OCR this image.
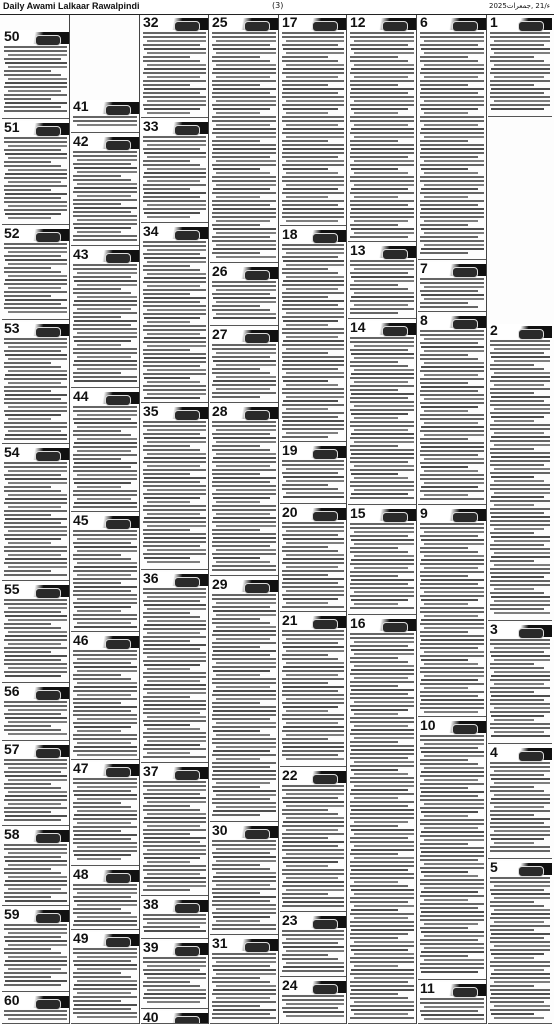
Daily Awami Lalkaar Rawalpindi	(3)	2025ء/21 ,جمعرات
1
2
3
4
5
6
7
8
9
10
11
12
13
14
15
16
17
18
19
20
21
22
23
24
25
26
27
28
29
30
31
32
33
34
35
36
37
38
39
40
41
42
43
44
45
46
47
48
49
50
51
52
53
54
55
56
57
58
59
60
